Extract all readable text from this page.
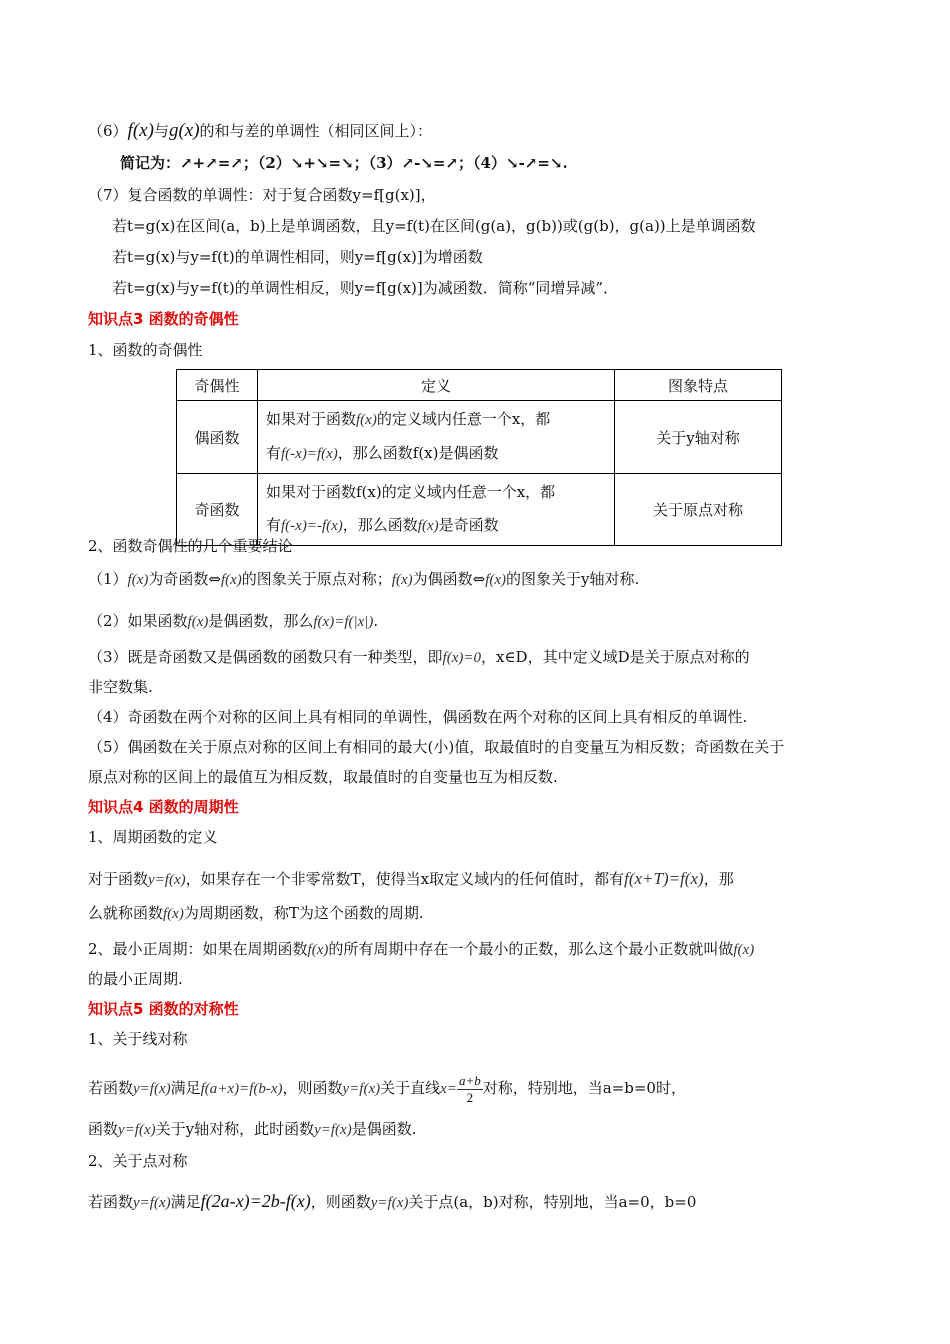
（6）f(x)与g(x)的和与差的单调性（相同区间上）：
简记为：↗+↗=↗；（2）↘+↘=↘；（3）↗-↘=↗；（4）↘-↗=↘.
（7）复合函数的单调性：对于复合函数y=f[g(x)]，
若t=g(x)在区间(a，b)上是单调函数，且y=f(t)在区间(g(a)，g(b))或(g(b)，g(a))上是单调函数
若t=g(x)与y=f(t)的单调性相同，则y=f[g(x)]为增函数
若t=g(x)与y=f(t)的单调性相反，则y=f[g(x)]为减函数．简称“同增异减”．
知识点3 函数的奇偶性
1、函数的奇偶性
奇偶性	定义	图象特点
偶函数	如果对于函数f(x)的定义域内任意一个x，都
有f(-x)=f(x)，那么函数f(x)是偶函数	关于y轴对称
奇函数	如果对于函数f(x)的定义域内任意一个x，都
有f(-x)=-f(x)，那么函数f(x)是奇函数	关于原点对称
2、函数奇偶性的几个重要结论
（1）f(x)为奇函数⇔f(x)的图象关于原点对称；f(x)为偶函数⇔f(x)的图象关于y轴对称.
（2）如果函数f(x)是偶函数，那么f(x)=f(|x|).
（3）既是奇函数又是偶函数的函数只有一种类型，即f(x)=0，x∈D，其中定义域D是关于原点对称的
非空数集.
（4）奇函数在两个对称的区间上具有相同的单调性，偶函数在两个对称的区间上具有相反的单调性.
（5）偶函数在关于原点对称的区间上有相同的最大(小)值，取最值时的自变量互为相反数；奇函数在关于
原点对称的区间上的最值互为相反数，取最值时的自变量也互为相反数.
知识点4 函数的周期性
1、周期函数的定义
对于函数y=f(x)，如果存在一个非零常数T，使得当x取定义域内的任何值时，都有f(x+T)=f(x)，那
么就称函数f(x)为周期函数，称T为这个函数的周期.
2、最小正周期：如果在周期函数f(x)的所有周期中存在一个最小的正数，那么这个最小正数就叫做f(x)
的最小正周期.
知识点5 函数的对称性
1、关于线对称
若函数y=f(x)满足f(a+x)=f(b-x)，则函数y=f(x)关于直线$x= \frac{a+b}{2}$ 对称，特别地，当a=b=0时，
函数y=f(x)关于y轴对称，此时函数y=f(x)是偶函数.
2、关于点对称
若函数y=f(x)满足f(2a-x)=2b-f(x)，则函数y=f(x)关于点(a，b)对称，特别地，当a=0，b=0
